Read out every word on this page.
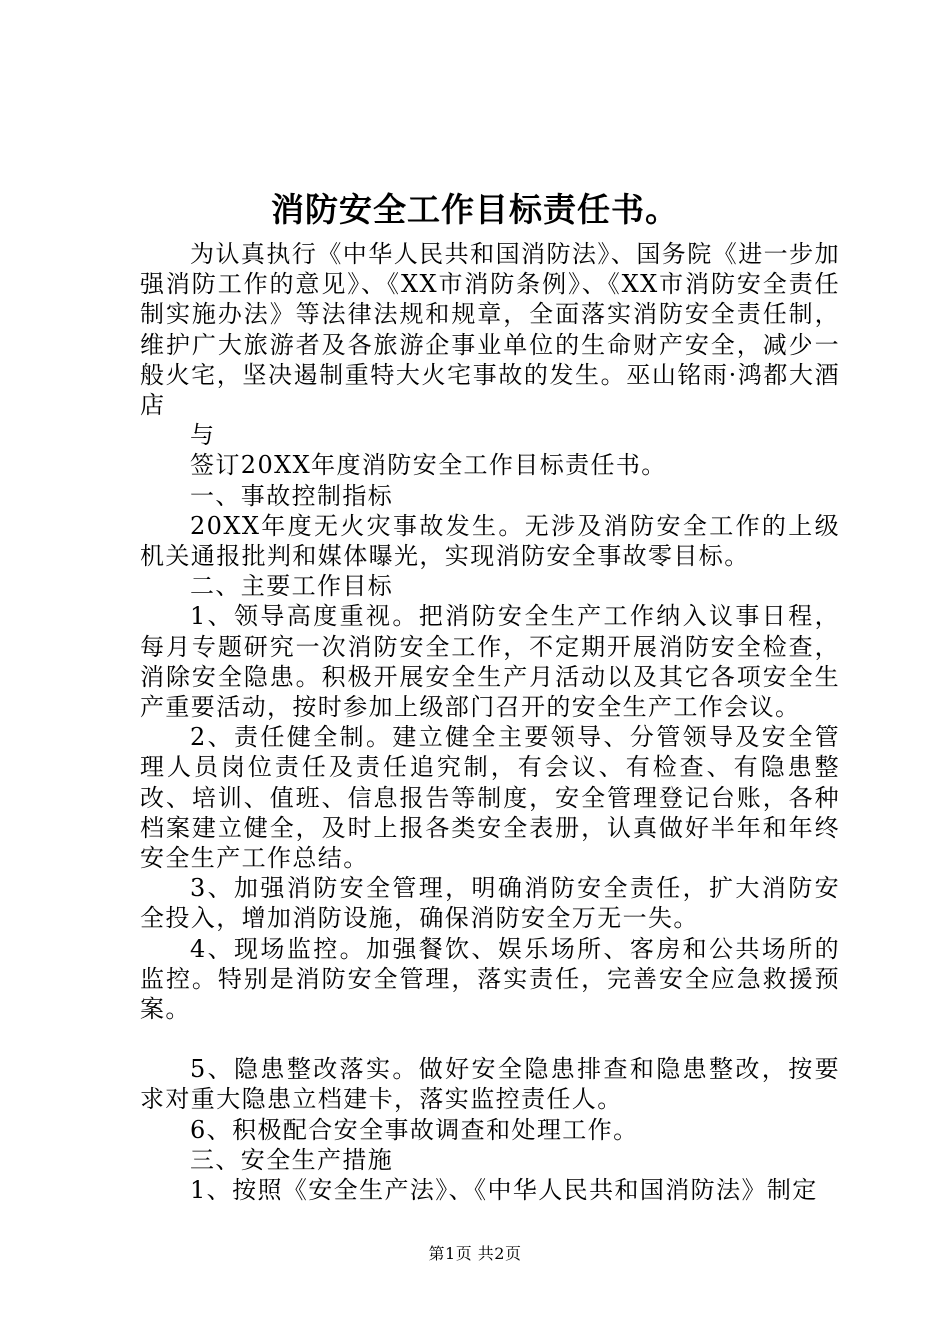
消防安全工作目标责任书。

为认真执行《中华人民共和国消防法》、国务院《进一步加强消防工作的意见》、《XX市消防条例》、《XX市消防安全责任制实施办法》等法律法规和规章，全面落实消防安全责任制，维护广大旅游者及各旅游企事业单位的生命财产安全，减少一般火宅，坚决遏制重特大火宅事故的发生。巫山铭雨·鸿都大酒店

与

签订20XX年度消防安全工作目标责任书。

一、事故控制指标

20XX年度无火灾事故发生。无涉及消防安全工作的上级机关通报批判和媒体曝光，实现消防安全事故零目标。

二、主要工作目标

1、领导高度重视。把消防安全生产工作纳入议事日程，每月专题研究一次消防安全工作，不定期开展消防安全检查，消除安全隐患。积极开展安全生产月活动以及其它各项安全生产重要活动，按时参加上级部门召开的安全生产工作会议。

2、责任健全制。建立健全主要领导、分管领导及安全管理人员岗位责任及责任追究制，有会议、有检查、有隐患整改、培训、值班、信息报告等制度，安全管理登记台账，各种档案建立健全，及时上报各类安全表册，认真做好半年和年终安全生产工作总结。

3、加强消防安全管理，明确消防安全责任，扩大消防安全投入，增加消防设施，确保消防安全万无一失。

4、现场监控。加强餐饮、娱乐场所、客房和公共场所的监控。特别是消防安全管理，落实责任，完善安全应急救援预案。

5、隐患整改落实。做好安全隐患排查和隐患整改，按要求对重大隐患立档建卡，落实监控责任人。

6、积极配合安全事故调查和处理工作。

三、安全生产措施

1、按照《安全生产法》、《中华人民共和国消防法》制定

第1页 共2页
